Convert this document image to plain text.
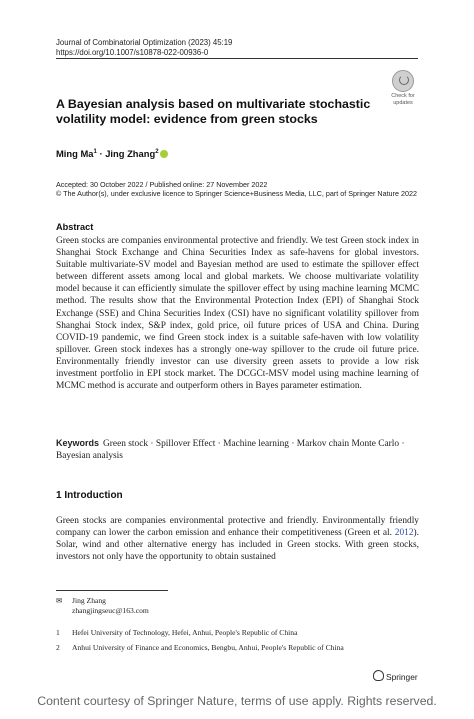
Journal of Combinatorial Optimization (2023) 45:19
https://doi.org/10.1007/s10878-022-00936-0
Check for
updates
A Bayesian analysis based on multivariate stochastic volatility model: evidence from green stocks
Ming $Ma^1$ · Jing Zhang$^2$
Accepted: 30 October 2022 / Published online: 27 November 2022
© The Author(s), under exclusive licence to Springer Science+Business Media, LLC, part of Springer Nature 2022
Abstract
Green stocks are companies environmental protective and friendly. We test Green stock index in Shanghai Stock Exchange and China Securities Index as safe-havens for global investors. Suitable multivariate-SV model and Bayesian method are used to estimate the spillover effect between different assets among local and global markets. We choose multivariate volatility model because it can efficiently simulate the spillover effect by using machine learning MCMC method. The results show that the Environmental Protection Index (EPI) of Shanghai Stock Exchange (SSE) and China Securities Index (CSI) have no significant volatility spillover from Shanghai Stock index, S&P index, gold price, oil future prices of USA and China. During COVID-19 pandemic, we find Green stock index is a suitable safe-haven with low volatility spillover. Green stock indexes has a strongly one-way spillover to the crude oil future price. Environmentally friendly investor can use diversity green assets to provide a low risk investment portfolio in EPI stock market. The DCGCt-MSV model using machine learning of MCMC method is accurate and outperform others in Bayes parameter estimation.
Keywords Green stock · Spillover Effect · Machine learning · Markov chain Monte Carlo · Bayesian analysis
1 Introduction
Green stocks are companies environmental protective and friendly. Environmentally friendly company can lower the carbon emission and enhance their competitiveness (Green et al. 2012). Solar, wind and other alternative energy has included in Green stocks. With green stocks, investors not only have the opportunity to obtain sustained
✉ Jing Zhang
zhangjingseuc@163.com
1 Hefei University of Technology, Hefei, Anhui, People's Republic of China
2 Anhui University of Finance and Economics, Bengbu, Anhui, People's Republic of China
Springer
Content courtesy of Springer Nature, terms of use apply. Rights reserved.
